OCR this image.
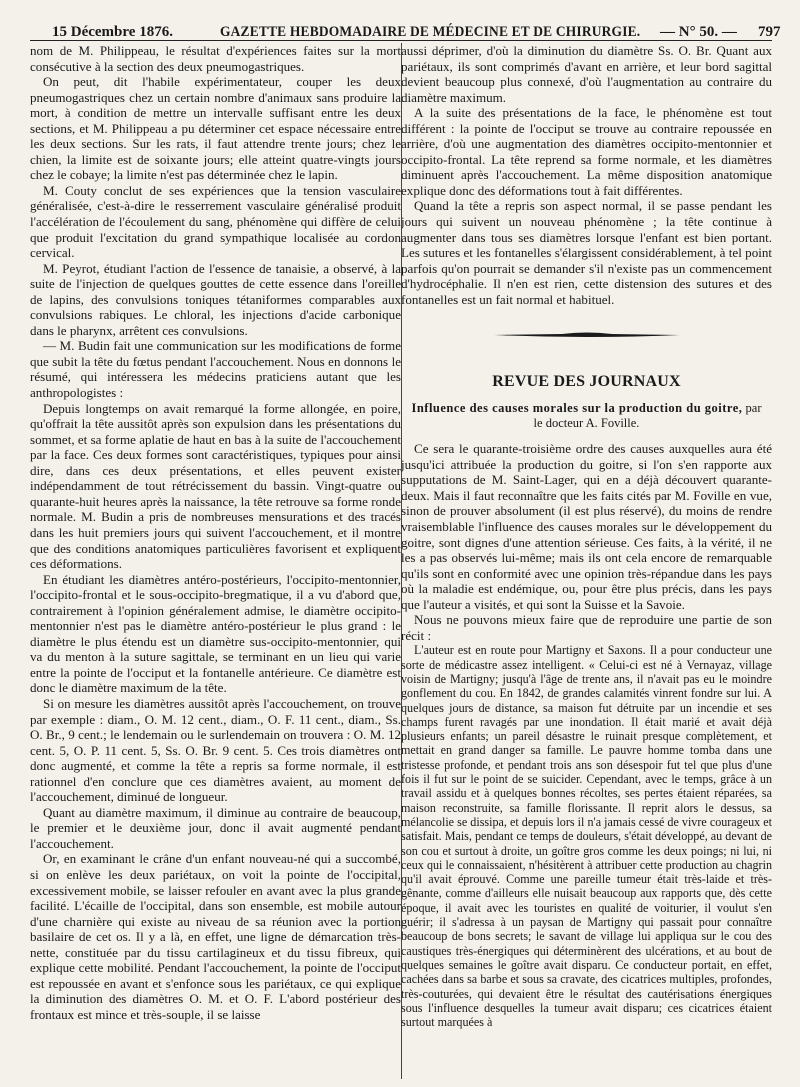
15 Décembre 1876.	GAZETTE HEBDOMADAIRE DE MÉDECINE ET DE CHIRURGIE. — N° 50. — 797

nom de M. Philippeau, le résultat d'expériences faites sur la mort consécutive à la section des deux pneumogastriques.

On peut, dit l'habile expérimentateur, couper les deux pneumogastriques chez un certain nombre d'animaux sans produire la mort, à condition de mettre un intervalle suffisant entre les deux sections, et M. Philippeau a pu déterminer cet espace nécessaire entre les deux sections. Sur les rats, il faut attendre trente jours; chez le chien, la limite est de soixante jours; elle atteint quatre-vingts jours chez le cobaye; la limite n'est pas déterminée chez le lapin.

M. Couty conclut de ses expériences que la tension vasculaire généralisée, c'est-à-dire le resserrement vasculaire généralisé produit l'accélération de l'écoulement du sang, phénomène qui diffère de celui que produit l'excitation du grand sympathique localisée au cordon cervical.

M. Peyrot, étudiant l'action de l'essence de tanaisie, a observé, à la suite de l'injection de quelques gouttes de cette essence dans l'oreille de lapins, des convulsions toniques tétaniformes comparables aux convulsions rabiques. Le chloral, les injections d'acide carbonique dans le pharynx, arrêtent ces convulsions.

— M. Budin fait une communication sur les modifications de forme que subit la tête du fœtus pendant l'accouchement. Nous en donnons le résumé, qui intéressera les médecins praticiens autant que les anthropologistes :

Depuis longtemps on avait remarqué la forme allongée, en poire, qu'offrait la tête aussitôt après son expulsion dans les présentations du sommet, et sa forme aplatie de haut en bas à la suite de l'accouchement par la face. Ces deux formes sont caractéristiques, typiques pour ainsi dire, dans ces deux présentations, et elles peuvent exister indépendamment de tout rétrécissement du bassin. Vingt-quatre ou quarante-huit heures après la naissance, la tête retrouve sa forme ronde normale. M. Budin a pris de nombreuses mensurations et des tracés dans les huit premiers jours qui suivent l'accouchement, et il montre que des conditions anatomiques particulières favorisent et expliquent ces déformations.

En étudiant les diamètres antéro-postérieurs, l'occipito-mentonnier, l'occipito-frontal et le sous-occipito-bregmatique, il a vu d'abord que, contrairement à l'opinion généralement admise, le diamètre occipito-mentonnier n'est pas le diamètre antéro-postérieur le plus grand : le diamètre le plus étendu est un diamètre sus-occipito-mentonnier, qui va du menton à la suture sagittale, se terminant en un lieu qui varie entre la pointe de l'occiput et la fontanelle antérieure. Ce diamètre est donc le diamètre maximum de la tête.

Si on mesure les diamètres aussitôt après l'accouchement, on trouve par exemple : diam., O. M. 12 cent., diam., O. F. 11 cent., diam., Ss. O. Br., 9 cent.; le lendemain ou le surlendemain on trouvera : O. M. 12 cent. 5, O. P. 11 cent. 5, Ss. O. Br. 9 cent. 5. Ces trois diamètres ont donc augmenté, et comme la tête a repris sa forme normale, il est rationnel d'en conclure que ces diamètres avaient, au moment de l'accouchement, diminué de longueur.

Quant au diamètre maximum, il diminue au contraire de beaucoup, le premier et le deuxième jour, donc il avait augmenté pendant l'accouchement.

Or, en examinant le crâne d'un enfant nouveau-né qui a succombé, si on enlève les deux pariétaux, on voit la pointe de l'occipital, excessivement mobile, se laisser refouler en avant avec la plus grande facilité. L'écaille de l'occipital, dans son ensemble, est mobile autour d'une charnière qui existe au niveau de sa réunion avec la portion basilaire de cet os. Il y a là, en effet, une ligne de démarcation très-nette, constituée par du tissu cartilagineux et du tissu fibreux, qui explique cette mobilité. Pendant l'accouchement, la pointe de l'occiput est repoussée en avant et s'enfonce sous les pariétaux, ce qui explique la diminution des diamètres O. M. et O. F. L'abord postérieur des frontaux est mince et très-souple, il se laisse

aussi déprimer, d'où la diminution du diamètre Ss. O. Br. Quant aux pariétaux, ils sont comprimés d'avant en arrière, et leur bord sagittal devient beaucoup plus connexé, d'où l'augmentation au contraire du diamètre maximum.

A la suite des présentations de la face, le phénomène est tout différent : la pointe de l'occiput se trouve au contraire repoussée en arrière, d'où une augmentation des diamètres occipito-mentonnier et occipito-frontal. La tête reprend sa forme normale, et les diamètres diminuent après l'accouchement. La même disposition anatomique explique donc des déformations tout à fait différentes.

Quand la tête a repris son aspect normal, il se passe pendant les jours qui suivent un nouveau phénomène ; la tête continue à augmenter dans tous ses diamètres lorsque l'enfant est bien portant. Les sutures et les fontanelles s'élargissent considérablement, à tel point parfois qu'on pourrait se demander s'il n'existe pas un commencement d'hydrocéphalie. Il n'en est rien, cette distension des sutures et des fontanelles est un fait normal et habituel.

REVUE DES JOURNAUX
Influence des causes morales sur la production du goitre, par le docteur A. Foville.

Ce sera le quarante-troisième ordre des causes auxquelles aura été jusqu'ici attribuée la production du goitre, si l'on s'en rapporte aux supputations de M. Saint-Lager, qui en a déjà découvert quarante-deux. Mais il faut reconnaître que les faits cités par M. Foville en vue, sinon de prouver absolument (il est plus réservé), du moins de rendre vraisemblable l'influence des causes morales sur le développement du goitre, sont dignes d'une attention sérieuse. Ces faits, à la vérité, il ne les a pas observés lui-même; mais ils ont cela encore de remarquable qu'ils sont en conformité avec une opinion très-répandue dans les pays où la maladie est endémique, ou, pour être plus précis, dans les pays que l'auteur a visités, et qui sont la Suisse et la Savoie.

Nous ne pouvons mieux faire que de reproduire une partie de son récit :

L'auteur est en route pour Martigny et Saxons. Il a pour conducteur une sorte de médicastre assez intelligent. « Celui-ci est né à Vernayaz, village voisin de Martigny; jusqu'à l'âge de trente ans, il n'avait pas eu le moindre gonflement du cou. En 1842, de grandes calamités vinrent fondre sur lui. A quelques jours de distance, sa maison fut détruite par un incendie et ses champs furent ravagés par une inondation. Il était marié et avait déjà plusieurs enfants; un pareil désastre le ruinait presque complètement, et mettait en grand danger sa famille. Le pauvre homme tomba dans une tristesse profonde, et pendant trois ans son désespoir fut tel que plus d'une fois il fut sur le point de se suicider. Cependant, avec le temps, grâce à un travail assidu et à quelques bonnes récoltes, ses pertes étaient réparées, sa maison reconstruite, sa famille florissante. Il reprit alors le dessus, sa mélancolie se dissipa, et depuis lors il n'a jamais cessé de vivre courageux et satisfait. Mais, pendant ce temps de douleurs, s'était développé, au devant de son cou et surtout à droite, un goître gros comme les deux poings; ni lui, ni ceux qui le connaissaient, n'hésitèrent à attribuer cette production au chagrin qu'il avait éprouvé. Comme une pareille tumeur était très-laide et très-gênante, comme d'ailleurs elle nuisait beaucoup aux rapports que, dès cette époque, il avait avec les touristes en qualité de voiturier, il voulut s'en guérir; il s'adressa à un paysan de Martigny qui passait pour connaître beaucoup de bons secrets; le savant de village lui appliqua sur le cou des caustiques très-énergiques qui déterminèrent des ulcérations, et au bout de quelques semaines le goître avait disparu. Ce conducteur portait, en effet, cachées dans sa barbe et sous sa cravate, des cicatrices multiples, profondes, très-couturées, qui devaient être le résultat des cautérisations énergiques sous l'influence desquelles la tumeur avait disparu; ces cicatrices étaient surtout marquées à
